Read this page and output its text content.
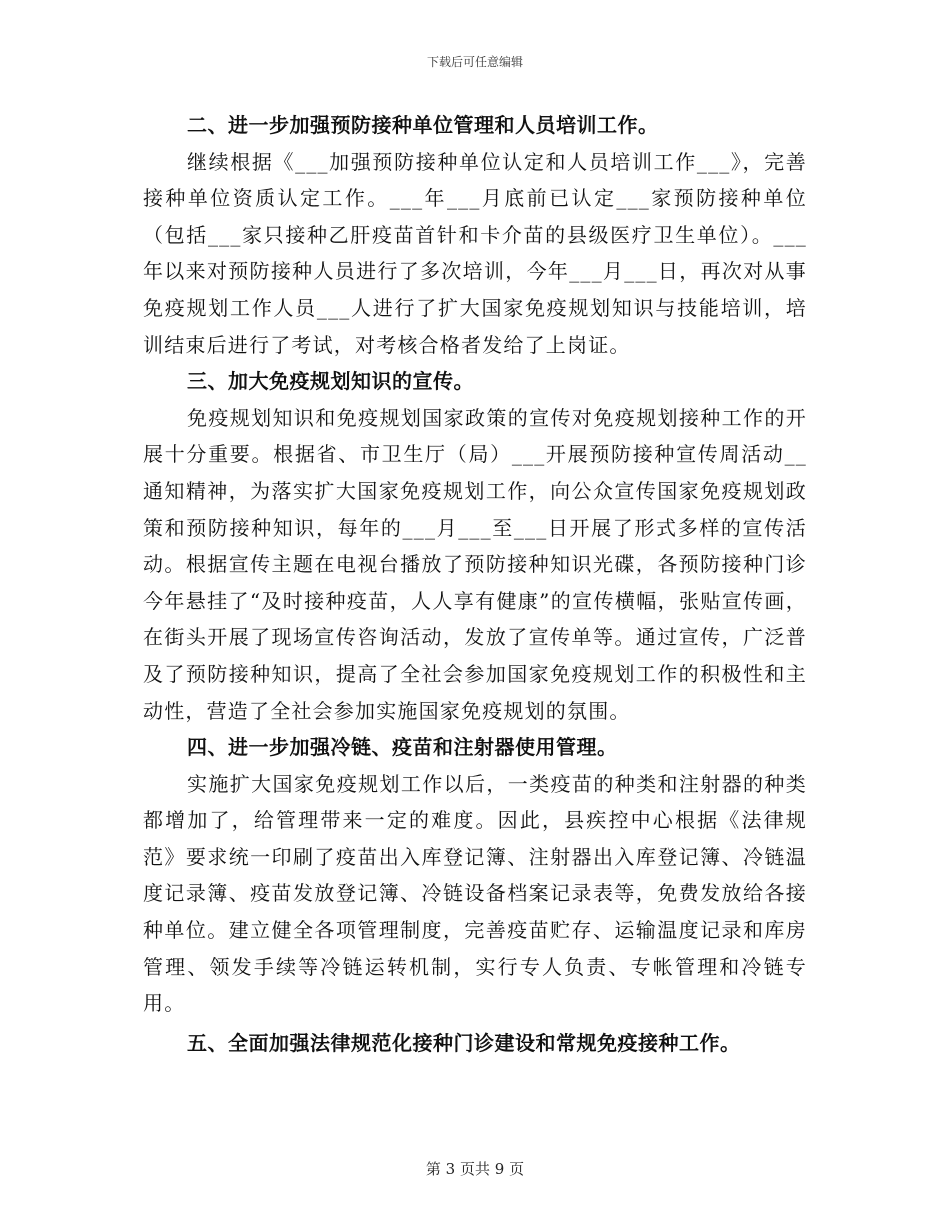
下载后可任意编辑

二、进一步加强预防接种单位管理和人员培训工作。

继续根据《___加强预防接种单位认定和人员培训工作___》，完善接种单位资质认定工作。___年___月底前已认定___家预防接种单位（包括___家只接种乙肝疫苗首针和卡介苗的县级医疗卫生单位）。___年以来对预防接种人员进行了多次培训，今年___月___日，再次对从事免疫规划工作人员___人进行了扩大国家免疫规划知识与技能培训，培训结束后进行了考试，对考核合格者发给了上岗证。

三、加大免疫规划知识的宣传。

免疫规划知识和免疫规划国家政策的宣传对免疫规划接种工作的开展十分重要。根据省、市卫生厅（局）___开展预防接种宣传周活动__通知精神，为落实扩大国家免疫规划工作，向公众宣传国家免疫规划政策和预防接种知识，每年的___月___至___日开展了形式多样的宣传活动。根据宣传主题在电视台播放了预防接种知识光碟，各预防接种门诊今年悬挂了“及时接种疫苗，人人享有健康”的宣传横幅，张贴宣传画，在街头开展了现场宣传咨询活动，发放了宣传单等。通过宣传，广泛普及了预防接种知识，提高了全社会参加国家免疫规划工作的积极性和主动性，营造了全社会参加实施国家免疫规划的氛围。

四、进一步加强冷链、疫苗和注射器使用管理。

实施扩大国家免疫规划工作以后，一类疫苗的种类和注射器的种类都增加了，给管理带来一定的难度。因此，县疾控中心根据《法律规范》要求统一印刷了疫苗出入库登记簿、注射器出入库登记簿、冷链温度记录簿、疫苗发放登记簿、冷链设备档案记录表等，免费发放给各接种单位。建立健全各项管理制度，完善疫苗贮存、运输温度记录和库房管理、领发手续等冷链运转机制，实行专人负责、专帐管理和冷链专用。

五、全面加强法律规范化接种门诊建设和常规免疫接种工作。

第 3 页共 9 页
